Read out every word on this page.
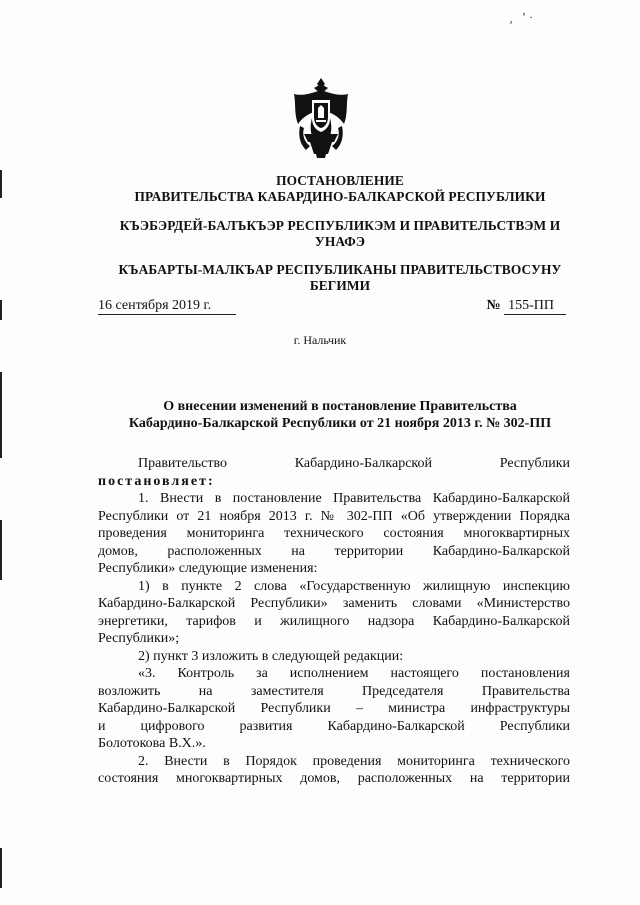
¸ ʼ·
ПОСТАНОВЛЕНИЕ
ПРАВИТЕЛЬСТВА КАБАРДИНО-БАЛКАРСКОЙ РЕСПУБЛИКИ
КЪЭБЭРДЕЙ-БАЛЪКЪЭР РЕСПУБЛИКЭМ И ПРАВИТЕЛЬСТВЭМ И
УНАФЭ
КЪАБАРТЫ-МАЛКЪАР РЕСПУБЛИКАНЫ ПРАВИТЕЛЬСТВОСУНУ
БЕГИМИ
16 сентября 2019 г.	№ 155-ПП
г. Нальчик
О внесении изменений в постановление Правительства
Кабардино-Балкарской Республики от 21 ноября 2013 г. № 302-ПП
Правительство Кабардино-Балкарской Республики
постановляет:
1. Внести в постановление Правительства Кабардино-Балкарской
Республики от 21 ноября 2013 г. № 302-ПП «Об утверждении Порядка
проведения мониторинга технического состояния многоквартирных
домов, расположенных на территории Кабардино-Балкарской
Республики» следующие изменения:
1) в пункте 2 слова «Государственную жилищную инспекцию
Кабардино-Балкарской Республики» заменить словами «Министерство
энергетики, тарифов и жилищного надзора Кабардино-Балкарской
Республики»;
2) пункт 3 изложить в следующей редакции:
«3. Контроль за исполнением настоящего постановления
возложить на заместителя Председателя Правительства
Кабардино-Балкарской Республики – министра инфраструктуры
и цифрового развития Кабардино-Балкарской Республики
Болотокова В.Х.».
2. Внести в Порядок проведения мониторинга технического
состояния многоквартирных домов, расположенных на территории
